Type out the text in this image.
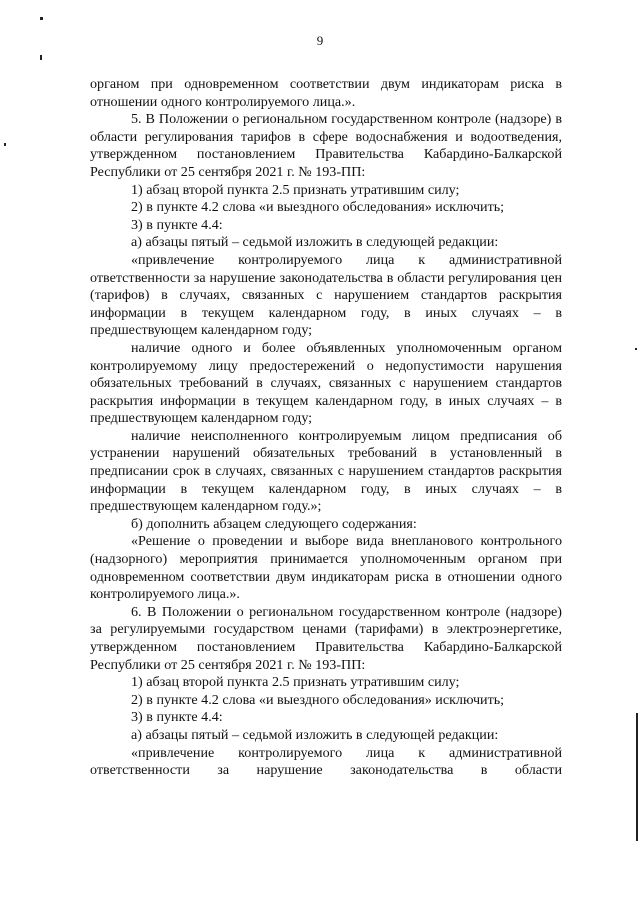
9

органом при одновременном соответствии двум индикаторам риска в отношении одного контролируемого лица.».

5. В Положении о региональном государственном контроле (надзоре) в области регулирования тарифов в сфере водоснабжения и водоотведения, утвержденном постановлением Правительства Кабардино-Балкарской Республики от 25 сентября 2021 г. № 193-ПП:

1) абзац второй пункта 2.5 признать утратившим силу;

2) в пункте 4.2 слова «и выездного обследования» исключить;

3) в пункте 4.4:

а) абзацы пятый – седьмой изложить в следующей редакции:

«привлечение контролируемого лица к административной ответственности за нарушение законодательства в области регулирования цен (тарифов) в случаях, связанных с нарушением стандартов раскрытия информации в текущем календарном году, в иных случаях – в предшествующем календарном году;

наличие одного и более объявленных уполномоченным органом контролируемому лицу предостережений о недопустимости нарушения обязательных требований в случаях, связанных с нарушением стандартов раскрытия информации в текущем календарном году, в иных случаях – в предшествующем календарном году;

наличие неисполненного контролируемым лицом предписания об устранении нарушений обязательных требований в установленный в предписании срок в случаях, связанных с нарушением стандартов раскрытия информации в текущем календарном году, в иных случаях – в предшествующем календарном году.»;

б) дополнить абзацем следующего содержания:

«Решение о проведении и выборе вида внепланового контрольного (надзорного) мероприятия принимается уполномоченным органом при одновременном соответствии двум индикаторам риска в отношении одного контролируемого лица.».

6. В Положении о региональном государственном контроле (надзоре) за регулируемыми государством ценами (тарифами) в электроэнергетике, утвержденном постановлением Правительства Кабардино-Балкарской Республики от 25 сентября 2021 г. № 193-ПП:

1) абзац второй пункта 2.5 признать утратившим силу;

2) в пункте 4.2 слова «и выездного обследования» исключить;

3) в пункте 4.4:

а) абзацы пятый – седьмой изложить в следующей редакции:

«привлечение контролируемого лица к административной ответственности за нарушение законодательства в области
